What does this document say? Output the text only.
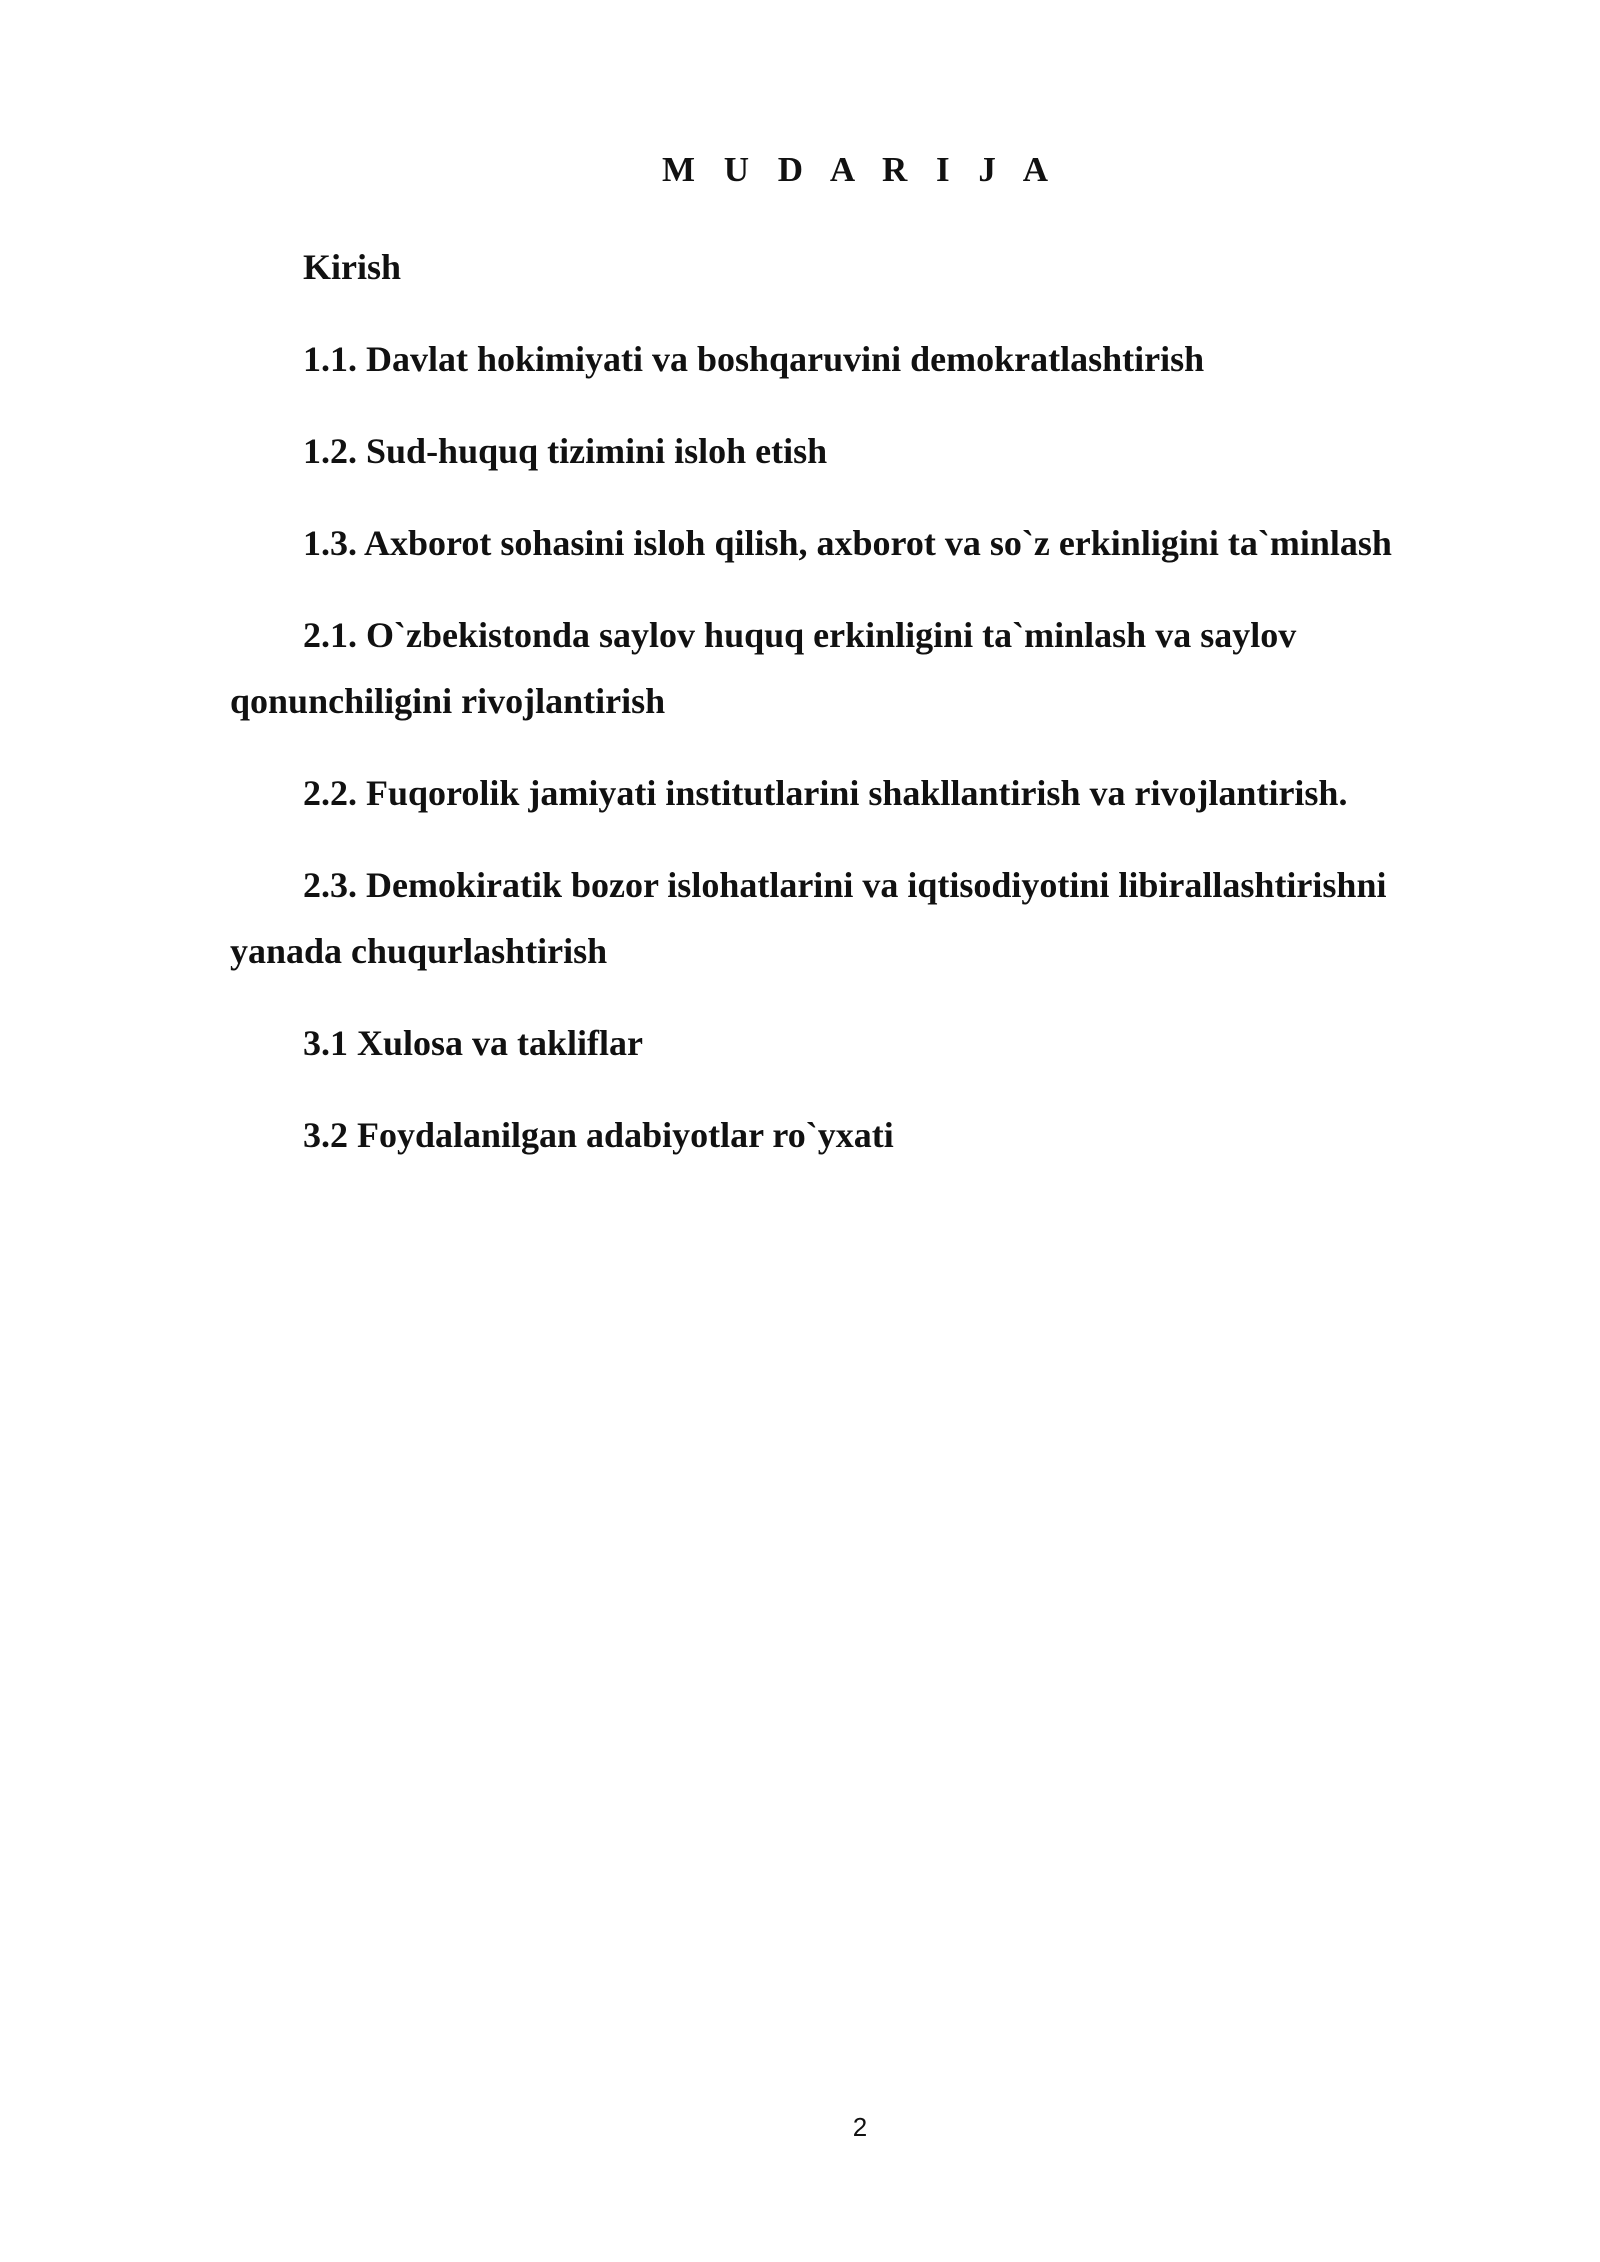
M U D A R I J A
Kirish
1.1. Davlat hokimiyati va boshqaruvini demokratlashtirish
1.2. Sud-huquq tizimini isloh etish
1.3. Axborot sohasini isloh qilish, axborot va so`z erkinligini ta`minlash
2.1. O`zbekistonda saylov huquq erkinligini ta`minlash va saylov
qonunchiligini rivojlantirish
2.2. Fuqorolik jamiyati institutlarini shakllantirish va rivojlantirish.
2.3. Demokiratik bozor islohatlarini va iqtisodiyotini libirallashtirishni
yanada chuqurlashtirish
3.1 Xulosa va takliflar
3.2 Foydalanilgan adabiyotlar ro`yxati
2
